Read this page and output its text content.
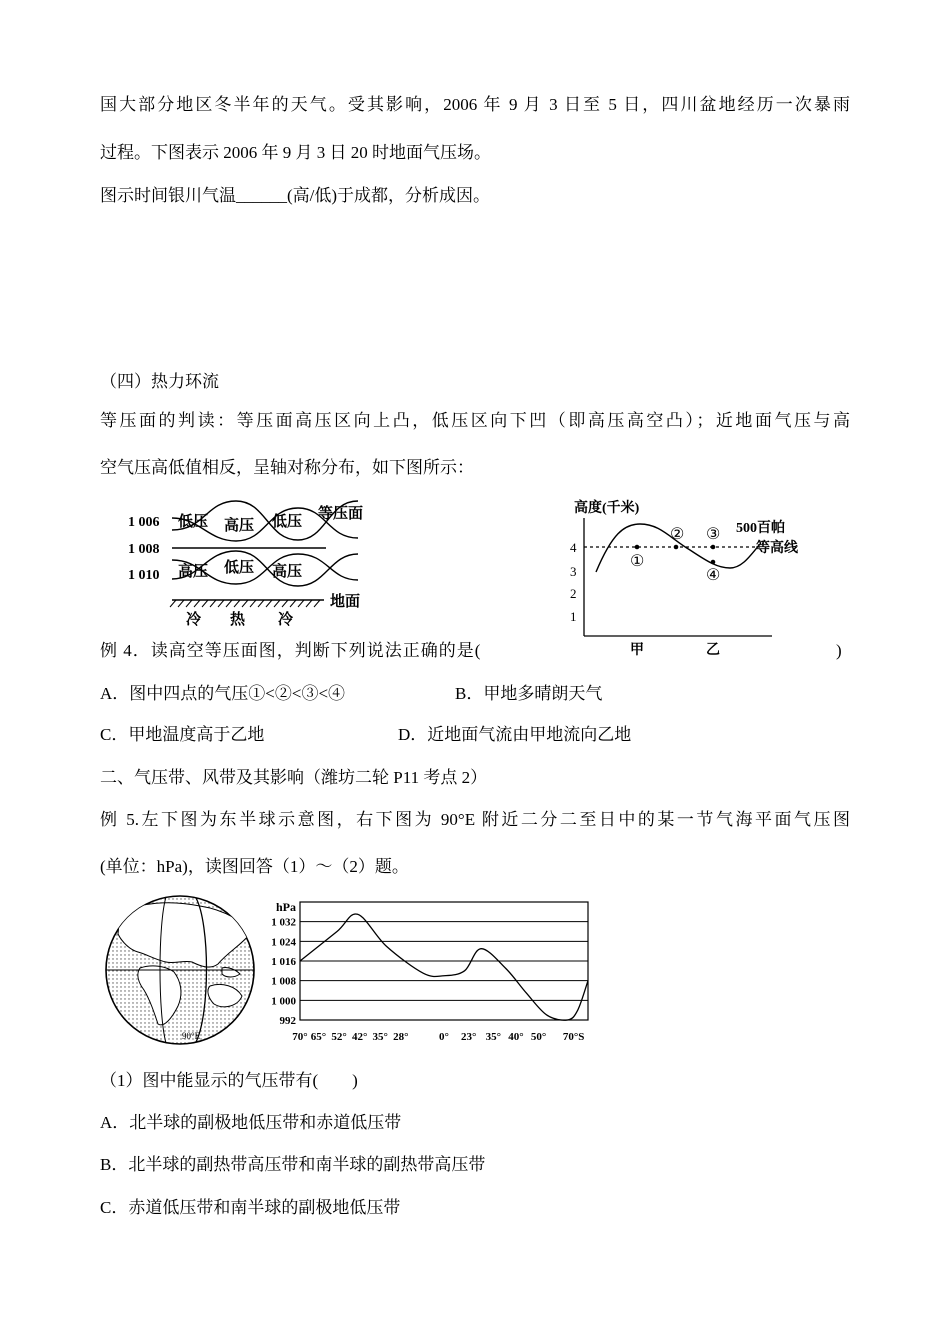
国大部分地区冬半年的天气。受其影响，2006 年 9 月 3 日至 5 日，四川盆地经历一次暴雨
过程。下图表示 2006 年 9 月 3 日 20 时地面气压场。
图示时间银川气温______(高/低)于成都，分析成因。
（四）热力环流
等压面的判读：等压面高压区向上凸，低压区向下凹（即高压高空凸）；近地面气压与高
空气压高低值相反，呈轴对称分布，如下图所示：
1 006
1 008
1 010
低压 高压 低压 等压面
高压 低压 高压
地面
冷 热 冷
高度(千米)
4
3
2
1
①
② ③
④
500百帕
等高线
甲	乙
例 4．读高空等压面图，判断下列说法正确的是(	)
A．图中四点的气压①<②<③<④	B．甲地多晴朗天气
C．甲地温度高于乙地	D．近地面气流由甲地流向乙地
二、气压带、风带及其影响（潍坊二轮 P11 考点 2）
例 5.左下图为东半球示意图，右下图为 90°E 附近二分二至日中的某一节气海平面气压图
(单位：hPa)，读图回答（1）～（2）题。
90°E
hPa
1 032
1 024
1 016
1 008
1 000
992
70° 65° 52° 42° 35° 28°	0° 23° 35° 40° 50° 70°S
（1）图中能显示的气压带有(　　)
A．北半球的副极地低压带和赤道低压带
B．北半球的副热带高压带和南半球的副热带高压带
C．赤道低压带和南半球的副极地低压带
